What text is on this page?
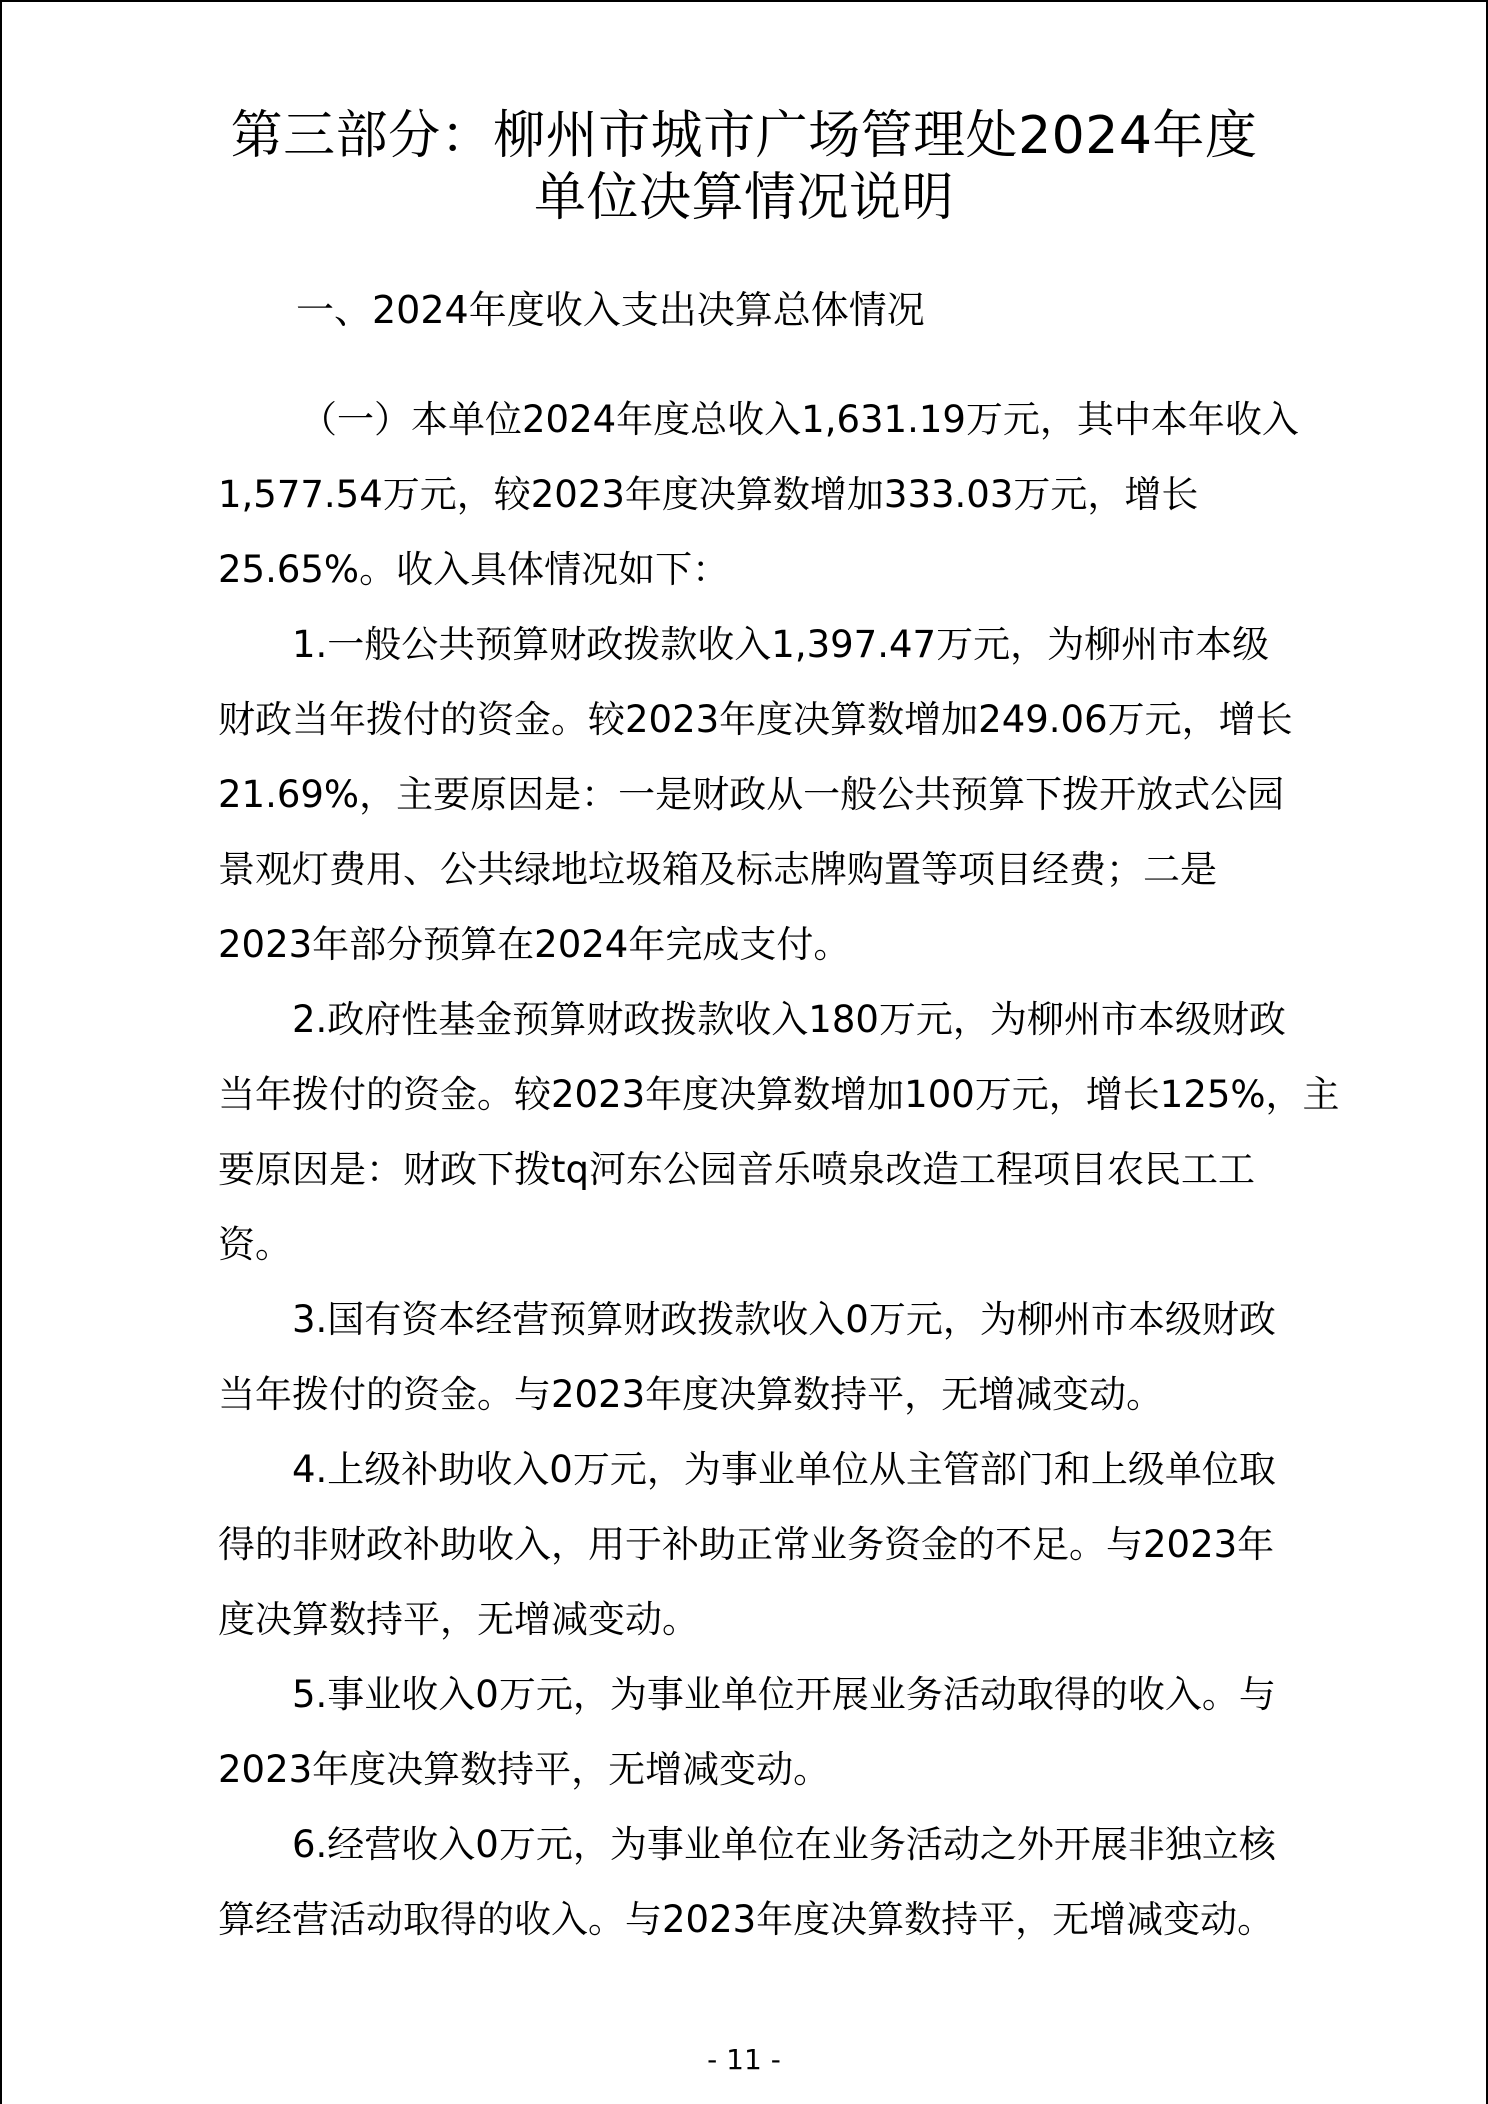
第三部分：柳州市城市广场管理处2024年度
单位决算情况说明
一、2024年度收入支出决算总体情况
（一）本单位2024年度总收入1,631.19万元，其中本年收入
1,577.54万元，较2023年度决算数增加333.03万元，增长
25.65%。收入具体情况如下：
1.一般公共预算财政拨款收入1,397.47万元，为柳州市本级
财政当年拨付的资金。较2023年度决算数增加249.06万元，增长
21.69%，主要原因是：一是财政从一般公共预算下拨开放式公园
景观灯费用、公共绿地垃圾箱及标志牌购置等项目经费；二是
2023年部分预算在2024年完成支付。
2.政府性基金预算财政拨款收入180万元，为柳州市本级财政
当年拨付的资金。较2023年度决算数增加100万元，增长125%，主
要原因是：财政下拨tq河东公园音乐喷泉改造工程项目农民工工
资。
3.国有资本经营预算财政拨款收入0万元，为柳州市本级财政
当年拨付的资金。与2023年度决算数持平，无增减变动。
4.上级补助收入0万元，为事业单位从主管部门和上级单位取
得的非财政补助收入，用于补助正常业务资金的不足。与2023年
度决算数持平，无增减变动。
5.事业收入0万元，为事业单位开展业务活动取得的收入。与
2023年度决算数持平，无增减变动。
6.经营收入0万元，为事业单位在业务活动之外开展非独立核
算经营活动取得的收入。与2023年度决算数持平，无增减变动。
- 11 -
